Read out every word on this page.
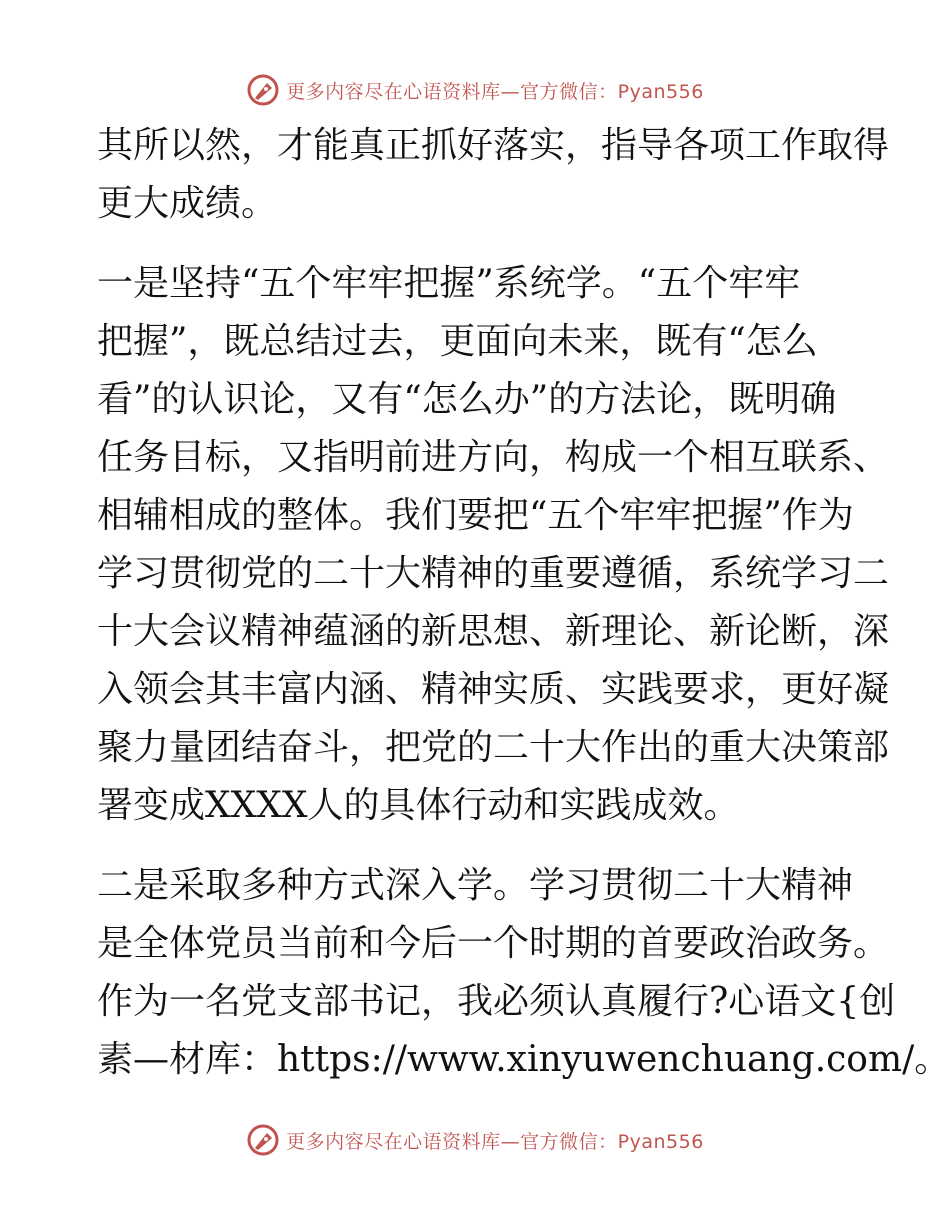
更多内容尽在心语资料库—官方微信：Pyan556
其所以然，才能真正抓好落实，指导各项工作取得
更大成绩。
一是坚持“五个牢牢把握”系统学。“五个牢牢
把握”，既总结过去，更面向未来，既有“怎么
看”的认识论，又有“怎么办”的方法论，既明确
任务目标，又指明前进方向，构成一个相互联系、
相辅相成的整体。我们要把“五个牢牢把握”作为
学习贯彻党的二十大精神的重要遵循，系统学习二
十大会议精神蕴涵的新思想、新理论、新论断，深
入领会其丰富内涵、精神实质、实践要求，更好凝
聚力量团结奋斗，把党的二十大作出的重大决策部
署变成XXXX人的具体行动和实践成效。
二是采取多种方式深入学。学习贯彻二十大精神
是全体党员当前和今后一个时期的首要政治政务。
作为一名党支部书记，我必须认真履行?心语文{创
素—材库：https://www.xinyuwenchuang.com/。
更多内容尽在心语资料库—官方微信：Pyan556
